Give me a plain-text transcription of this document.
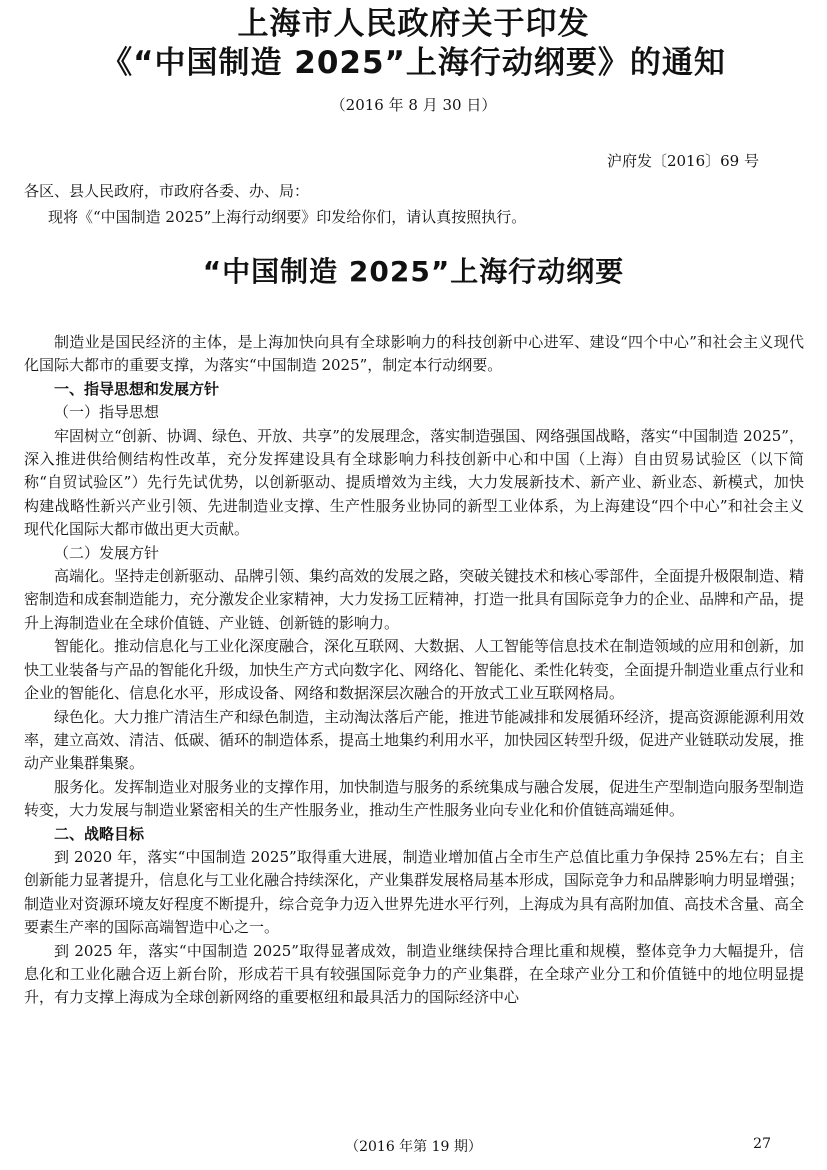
上海市人民政府关于印发
《“中国制造 2025”上海行动纲要》的通知
（2016 年 8 月 30 日）
沪府发〔2016〕69 号
各区、县人民政府，市政府各委、办、局：
现将《“中国制造 2025”上海行动纲要》印发给你们，请认真按照执行。
“中国制造 2025”上海行动纲要

制造业是国民经济的主体，是上海加快向具有全球影响力的科技创新中心进军、建设“四个中心”和社会主义现代化国际大都市的重要支撑，为落实“中国制造 2025”，制定本行动纲要。

一、指导思想和发展方针

（一）指导思想

牢固树立“创新、协调、绿色、开放、共享”的发展理念，落实制造强国、网络强国战略，落实“中国制造 2025”，深入推进供给侧结构性改革，充分发挥建设具有全球影响力科技创新中心和中国（上海）自由贸易试验区（以下简称“自贸试验区”）先行先试优势，以创新驱动、提质增效为主线，大力发展新技术、新产业、新业态、新模式，加快构建战略性新兴产业引领、先进制造业支撑、生产性服务业协同的新型工业体系，为上海建设“四个中心”和社会主义现代化国际大都市做出更大贡献。

（二）发展方针

高端化。坚持走创新驱动、品牌引领、集约高效的发展之路，突破关键技术和核心零部件，全面提升极限制造、精密制造和成套制造能力，充分激发企业家精神，大力发扬工匠精神，打造一批具有国际竞争力的企业、品牌和产品，提升上海制造业在全球价值链、产业链、创新链的影响力。

智能化。推动信息化与工业化深度融合，深化互联网、大数据、人工智能等信息技术在制造领域的应用和创新，加快工业装备与产品的智能化升级，加快生产方式向数字化、网络化、智能化、柔性化转变，全面提升制造业重点行业和企业的智能化、信息化水平，形成设备、网络和数据深层次融合的开放式工业互联网格局。

绿色化。大力推广清洁生产和绿色制造，主动淘汰落后产能，推进节能减排和发展循环经济，提高资源能源利用效率，建立高效、清洁、低碳、循环的制造体系，提高土地集约利用水平，加快园区转型升级，促进产业链联动发展，推动产业集群集聚。

服务化。发挥制造业对服务业的支撑作用，加快制造与服务的系统集成与融合发展，促进生产型制造向服务型制造转变，大力发展与制造业紧密相关的生产性服务业，推动生产性服务业向专业化和价值链高端延伸。

二、战略目标

到 2020 年，落实“中国制造 2025”取得重大进展，制造业增加值占全市生产总值比重力争保持 25%左右；自主创新能力显著提升，信息化与工业化融合持续深化，产业集群发展格局基本形成，国际竞争力和品牌影响力明显增强；制造业对资源环境友好程度不断提升，综合竞争力迈入世界先进水平行列，上海成为具有高附加值、高技术含量、高全要素生产率的国际高端智造中心之一。

到 2025 年，落实“中国制造 2025”取得显著成效，制造业继续保持合理比重和规模，整体竞争力大幅提升，信息化和工业化融合迈上新台阶，形成若干具有较强国际竞争力的产业集群，在全球产业分工和价值链中的地位明显提升，有力支撑上海成为全球创新网络的重要枢纽和最具活力的国际经济中心

（2016 年第 19 期）	27
